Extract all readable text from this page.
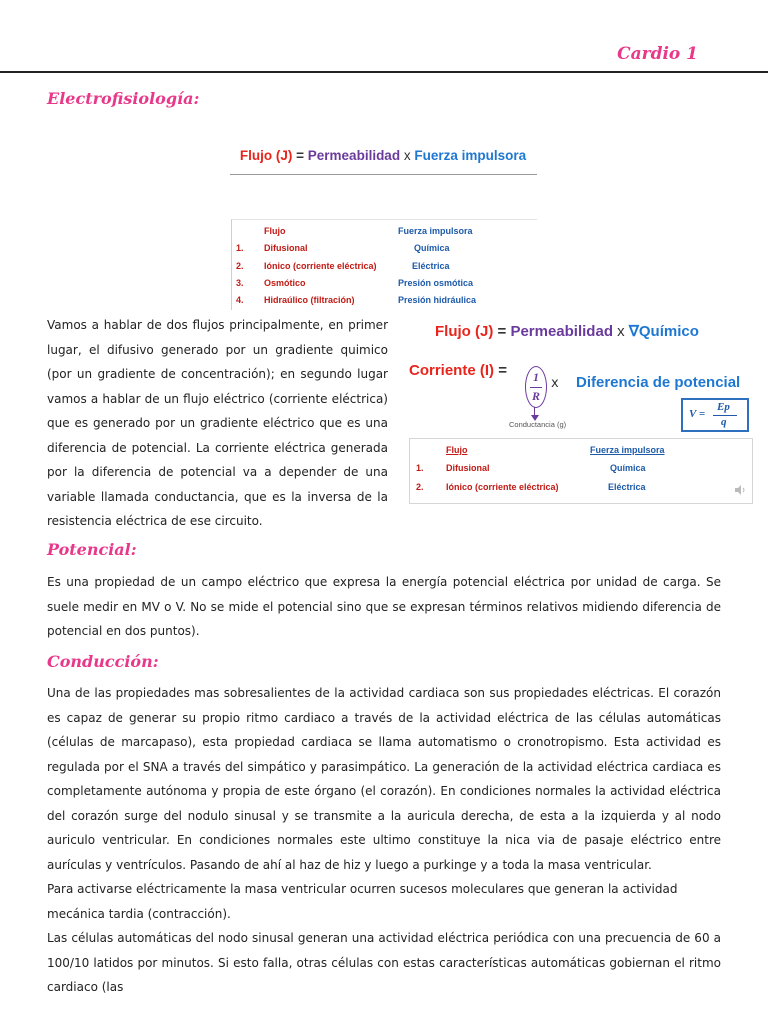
Cardio 1
Electrofisiología:
Flujo (J) = Permeabilidad x Fuerza impulsora
Flujo	Fuerza impulsora
1. Difusional	Química
2. Iónico (corriente eléctrica)	Eléctrica
3. Osmótico	Presión osmótica
4. Hidraúlico (filtración)	Presión hidráulica

Vamos a hablar de dos flujos principalmente, en primer lugar, el difusivo generado por un gradiente quimico (por un gradiente de concentración); en segundo lugar vamos a hablar de un flujo eléctrico (corriente eléctrica) que es generado por un gradiente eléctrico que es una diferencia de potencial. La corriente eléctrica generada por la diferencia de potencial va a depender de una variable llamada conductancia, que es la inversa de la resistencia eléctrica de ese circuito.

Flujo (J) = Permeabilidad x ∇Químico
Corriente (I) =	1
R
x Diferencia de potencial
Conductancia (g)
V =
Ep
q
Flujo	Fuerza impulsora
1. Difusional	Química
2. Iónico (corriente eléctrica)	Eléctrica
Potencial:

Es una propiedad de un campo eléctrico que expresa la energía potencial eléctrica por unidad de carga. Se suele medir en MV o V. No se mide el potencial sino que se expresan términos relativos midiendo diferencia de potencial en dos puntos).

Conducción:

Una de las propiedades mas sobresalientes de la actividad cardiaca son sus propiedades eléctricas. El corazón es capaz de generar su propio ritmo cardiaco a través de la actividad eléctrica de las células automáticas (células de marcapaso), esta propiedad cardiaca se llama automatismo o cronotropismo. Esta actividad es regulada por el SNA a través del simpático y parasimpático. La generación de la actividad eléctrica cardiaca es completamente autónoma y propia de este órgano (el corazón). En condiciones normales la actividad eléctrica del corazón surge del nodulo sinusal y se transmite a la auricula derecha, de esta a la izquierda y al nodo auriculo ventricular. En condiciones normales este ultimo constituye la nica via de pasaje eléctrico entre aurículas y ventrículos. Pasando de ahí al haz de hiz y luego a purkinge y a toda la masa ventricular.

Para activarse eléctricamente la masa ventricular ocurren sucesos moleculares que generan la actividad mecánica tardia (contracción).

Las células automáticas del nodo sinusal generan una actividad eléctrica periódica con una precuencia de 60 a 100/10 latidos por minutos. Si esto falla, otras células con estas características automáticas gobiernan el ritmo cardiaco (las
